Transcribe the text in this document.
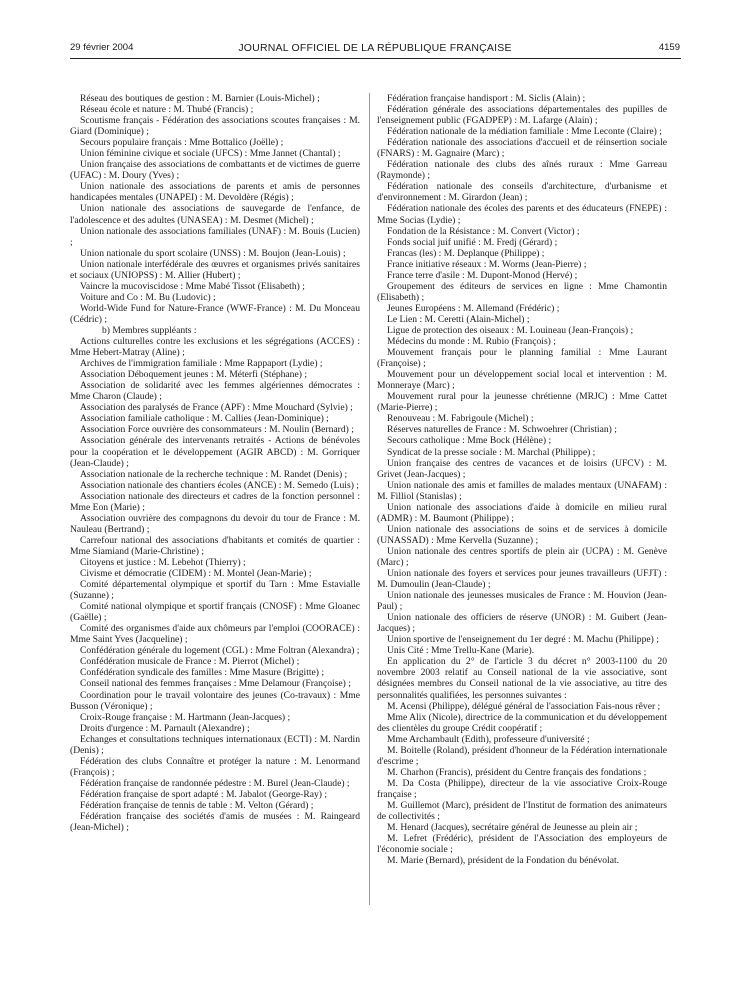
29 février 2004	JOURNAL OFFICIEL DE LA RÉPUBLIQUE FRANÇAISE	4159

Réseau des boutiques de gestion : M. Barnier (Louis-Michel) ;

Réseau école et nature : M. Thubé (Francis) ;

Scoutisme français - Fédération des associations scoutes françaises : M. Giard (Dominique) ;

Secours populaire français : Mme Bottalico (Joëlle) ;

Union féminine civique et sociale (UFCS) : Mme Jannet (Chantal) ;

Union française des associations de combattants et de victimes de guerre (UFAC) : M. Doury (Yves) ;

Union nationale des associations de parents et amis de personnes handicapées mentales (UNAPEI) : M. Devoldère (Régis) ;

Union nationale des associations de sauvegarde de l'enfance, de l'adolescence et des adultes (UNASEA) : M. Desmet (Michel) ;

Union nationale des associations familiales (UNAF) : M. Bouis (Lucien) ;

Union nationale du sport scolaire (UNSS) : M. Boujon (Jean-Louis) ;

Union nationale interfédérale des œuvres et organismes privés sanitaires et sociaux (UNIOPSS) : M. Allier (Hubert) ;

Vaincre la mucoviscidose : Mme Mabé Tissot (Elisabeth) ;

Voiture and Co : M. Bu (Ludovic) ;

World-Wide Fund for Nature-France (WWF-France) : M. Du Monceau (Cédric) ;

b) Membres suppléants :

Actions culturelles contre les exclusions et les ségrégations (ACCES) : Mme Hebert-Matray (Aline) ;

Archives de l'immigration familiale : Mme Rappaport (Lydie) ;

Association Déboquement jeunes : M. Méterfi (Stéphane) ;

Association de solidarité avec les femmes algériennes démocrates : Mme Charon (Claude) ;

Association des paralysés de France (APF) : Mme Mouchard (Sylvie) ;

Association familiale catholique : M. Callies (Jean-Dominique) ;

Association Force ouvrière des consommateurs : M. Noulin (Bernard) ;

Association générale des intervenants retraités - Actions de bénévoles pour la coopération et le développement (AGIR ABCD) : M. Gorriquer (Jean-Claude) ;

Association nationale de la recherche technique : M. Randet (Denis) ;

Association nationale des chantiers écoles (ANCE) : M. Semedo (Luis) ;

Association nationale des directeurs et cadres de la fonction personnel : Mme Eon (Marie) ;

Association ouvrière des compagnons du devoir du tour de France : M. Nauleau (Bertrand) ;

Carrefour national des associations d'habitants et comités de quartier : Mme Siamiand (Marie-Christine) ;

Citoyens et justice : M. Lebehot (Thierry) ;

Civisme et démocratie (CIDEM) : M. Montel (Jean-Marie) ;

Comité départemental olympique et sportif du Tarn : Mme Estavialle (Suzanne) ;

Comité national olympique et sportif français (CNOSF) : Mme Gloanec (Gaëlle) ;

Comité des organismes d'aide aux chômeurs par l'emploi (COORACE) : Mme Saint Yves (Jacqueline) ;

Confédération générale du logement (CGL) : Mme Foltran (Alexandra) ;

Confédération musicale de France : M. Pierrot (Michel) ;

Confédération syndicale des familles : Mme Masure (Brigitte) ;

Conseil national des femmes françaises : Mme Delamour (Françoise) ;

Coordination pour le travail volontaire des jeunes (Co-travaux) : Mme Busson (Véronique) ;

Croix-Rouge française : M. Hartmann (Jean-Jacques) ;

Droits d'urgence : M. Parnault (Alexandre) ;

Echanges et consultations techniques internationaux (ECTI) : M. Nardin (Denis) ;

Fédération des clubs Connaître et protéger la nature : M. Lenormand (François) ;

Fédération française de randonnée pédestre : M. Burel (Jean-Claude) ;

Fédération française de sport adapté : M. Jabalot (George-Ray) ;

Fédération française de tennis de table : M. Velton (Gérard) ;

Fédération française des sociétés d'amis de musées : M. Raingeard (Jean-Michel) ;

Fédération française handisport : M. Siclis (Alain) ;

Fédération générale des associations départementales des pupilles de l'enseignement public (FGADPEP) : M. Lafarge (Alain) ;

Fédération nationale de la médiation familiale : Mme Leconte (Claire) ;

Fédération nationale des associations d'accueil et de réinsertion sociale (FNARS) : M. Gagnaire (Marc) ;

Fédération nationale des clubs des aînés ruraux : Mme Garreau (Raymonde) ;

Fédération nationale des conseils d'architecture, d'urbanisme et d'environnement : M. Girardon (Jean) ;

Fédération nationale des écoles des parents et des éducateurs (FNEPE) : Mme Socias (Lydie) ;

Fondation de la Résistance : M. Convert (Victor) ;

Fonds social juif unifié : M. Fredj (Gérard) ;

Francas (les) : M. Deplanque (Philippe) ;

France initiative réseaux : M. Worms (Jean-Pierre) ;

France terre d'asile : M. Dupont-Monod (Hervé) ;

Groupement des éditeurs de services en ligne : Mme Chamontin (Elisabeth) ;

Jeunes Européens : M. Allemand (Frédéric) ;

Le Lien : M. Ceretti (Alain-Michel) ;

Ligue de protection des oiseaux : M. Louineau (Jean-François) ;

Médecins du monde : M. Rubio (François) ;

Mouvement français pour le planning familial : Mme Laurant (Françoise) ;

Mouvement pour un développement social local et intervention : M. Monneraye (Marc) ;

Mouvement rural pour la jeunesse chrétienne (MRJC) : Mme Cattet (Marie-Pierre) ;

Renouveau : M. Fabrigoule (Michel) ;

Réserves naturelles de France : M. Schwoehrer (Christian) ;

Secours catholique : Mme Bock (Hélène) ;

Syndicat de la presse sociale : M. Marchal (Philippe) ;

Union française des centres de vacances et de loisirs (UFCV) : M. Grivet (Jean-Jacques) ;

Union nationale des amis et familles de malades mentaux (UNAFAM) : M. Filliol (Stanislas) ;

Union nationale des associations d'aide à domicile en milieu rural (ADMR) : M. Baumont (Philippe) ;

Union nationale des associations de soins et de services à domicile (UNASSAD) : Mme Kervella (Suzanne) ;

Union nationale des centres sportifs de plein air (UCPA) : M. Genève (Marc) ;

Union nationale des foyers et services pour jeunes travailleurs (UFJT) : M. Dumoulin (Jean-Claude) ;

Union nationale des jeunesses musicales de France : M. Houvion (Jean-Paul) ;

Union nationale des officiers de réserve (UNOR) : M. Guibert (Jean-Jacques) ;

Union sportive de l'enseignement du 1er degré : M. Machu (Philippe) ;

Unis Cité : Mme Trellu-Kane (Marie).

En application du 2° de l'article 3 du décret n° 2003-1100 du 20 novembre 2003 relatif au Conseil national de la vie associative, sont désignées membres du Conseil national de la vie associative, au titre des personnalités qualifiées, les personnes suivantes :

M. Acensi (Philippe), délégué général de l'association Fais-nous rêver ;

Mme Alix (Nicole), directrice de la communication et du développement des clientèles du groupe Crédit coopératif ;

Mme Archambault (Edith), professeure d'université ;

M. Boitelle (Roland), président d'honneur de la Fédération internationale d'escrime ;

M. Charhon (Francis), président du Centre français des fondations ;

M. Da Costa (Philippe), directeur de la vie associative Croix-Rouge française ;

M. Guillemot (Marc), président de l'Institut de formation des animateurs de collectivités ;

M. Henard (Jacques), secrétaire général de Jeunesse au plein air ;

M. Lefret (Frédéric), président de l'Association des employeurs de l'économie sociale ;

M. Marie (Bernard), président de la Fondation du bénévolat.
